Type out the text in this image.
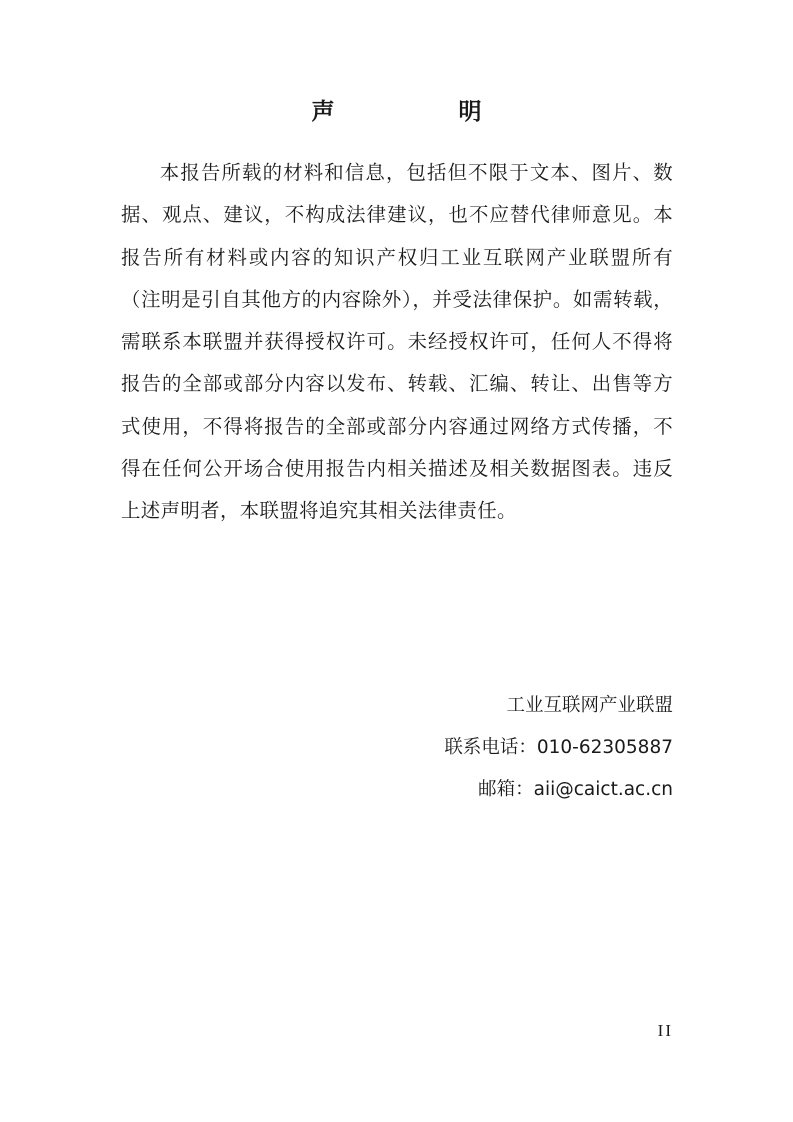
声 明

本报告所载的材料和信息，包括但不限于文本、图片、数据、观点、建议，不构成法律建议，也不应替代律师意见。本报告所有材料或内容的知识产权归工业互联网产业联盟所有（注明是引自其他方的内容除外），并受法律保护。如需转载，需联系本联盟并获得授权许可。未经授权许可，任何人不得将报告的全部或部分内容以发布、转载、汇编、转让、出售等方式使用，不得将报告的全部或部分内容通过网络方式传播，不得在任何公开场合使用报告内相关描述及相关数据图表。违反上述声明者，本联盟将追究其相关法律责任。

工业互联网产业联盟
联系电话：010-62305887
邮箱：aii@caict.ac.cn
II
